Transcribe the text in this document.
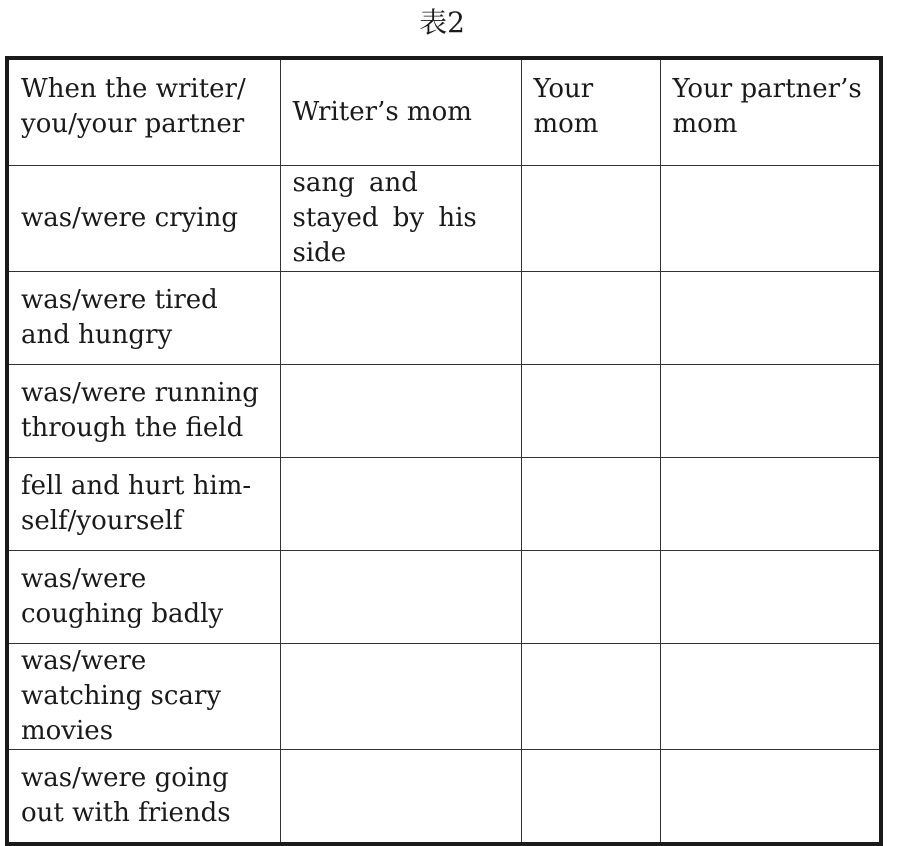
表2
When the writer/ you/your partner	Writer’s mom	Your mom	Your partner’s mom
was/were crying	sang and stayed by his side		
was/were tired and hungry			
was/were running through the field			
fell and hurt him-self/yourself			
was/were coughing badly			
was/were watching scary movies			
was/were going out with friends			
